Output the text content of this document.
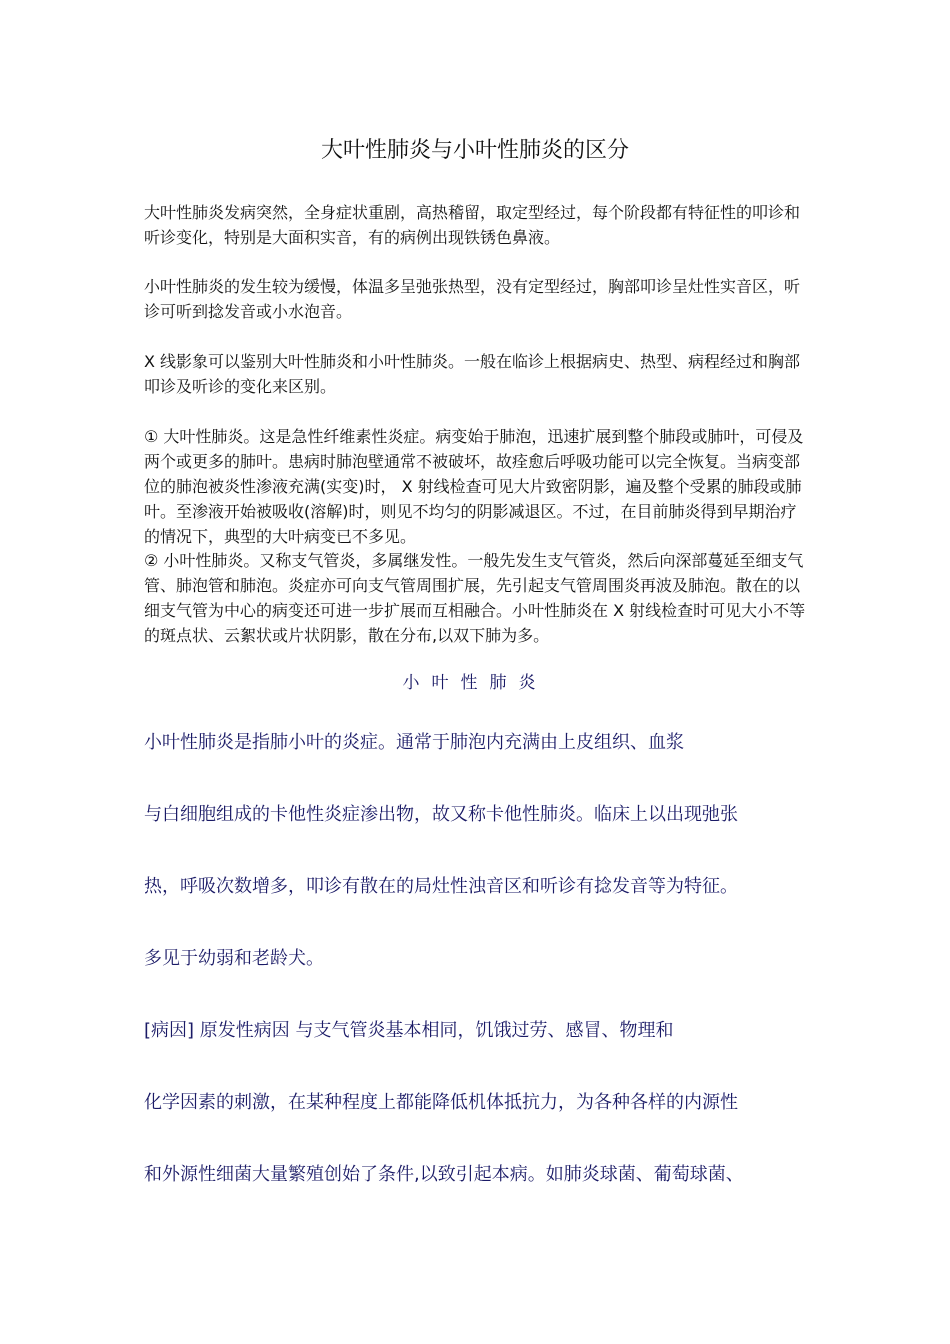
大叶性肺炎与小叶性肺炎的区分

大叶性肺炎发病突然，全身症状重剧，高热稽留，取定型经过，每个阶段都有特征性的叩诊和听诊变化，特别是大面积实音，有的病例出现铁锈色鼻液。

小叶性肺炎的发生较为缓慢，体温多呈弛张热型，没有定型经过，胸部叩诊呈灶性实音区，听诊可听到捻发音或小水泡音。

X 线影象可以鉴别大叶性肺炎和小叶性肺炎。一般在临诊上根据病史、热型、病程经过和胸部叩诊及听诊的变化来区别。

① 大叶性肺炎。这是急性纤维素性炎症。病变始于肺泡，迅速扩展到整个肺段或肺叶，可侵及两个或更多的肺叶。患病时肺泡壁通常不被破坏，故痊愈后呼吸功能可以完全恢复。当病变部位的肺泡被炎性渗液充满(实变)时， X 射线检查可见大片致密阴影，遍及整个受累的肺段或肺叶。至渗液开始被吸收(溶解)时，则见不均匀的阴影减退区。不过，在目前肺炎得到早期治疗的情况下，典型的大叶病变已不多见。

② 小叶性肺炎。又称支气管炎，多属继发性。一般先发生支气管炎，然后向深部蔓延至细支气管、肺泡管和肺泡。炎症亦可向支气管周围扩展，先引起支气管周围炎再波及肺泡。散在的以细支气管为中心的病变还可进一步扩展而互相融合。小叶性肺炎在 X 射线检查时可见大小不等的斑点状、云絮状或片状阴影，散在分布,以双下肺为多。

小叶性肺炎
小叶性肺炎是指肺小叶的炎症。通常于肺泡内充满由上皮组织、血浆
与白细胞组成的卡他性炎症渗出物，故又称卡他性肺炎。临床上以出现弛张
热，呼吸次数增多，叩诊有散在的局灶性浊音区和听诊有捻发音等为特征。
多见于幼弱和老龄犬。
[病因] 原发性病因 与支气管炎基本相同，饥饿过劳、感冒、物理和
化学因素的刺激，在某种程度上都能降低机体抵抗力，为各种各样的内源性
和外源性细菌大量繁殖创始了条件,以致引起本病。如肺炎球菌、葡萄球菌、
